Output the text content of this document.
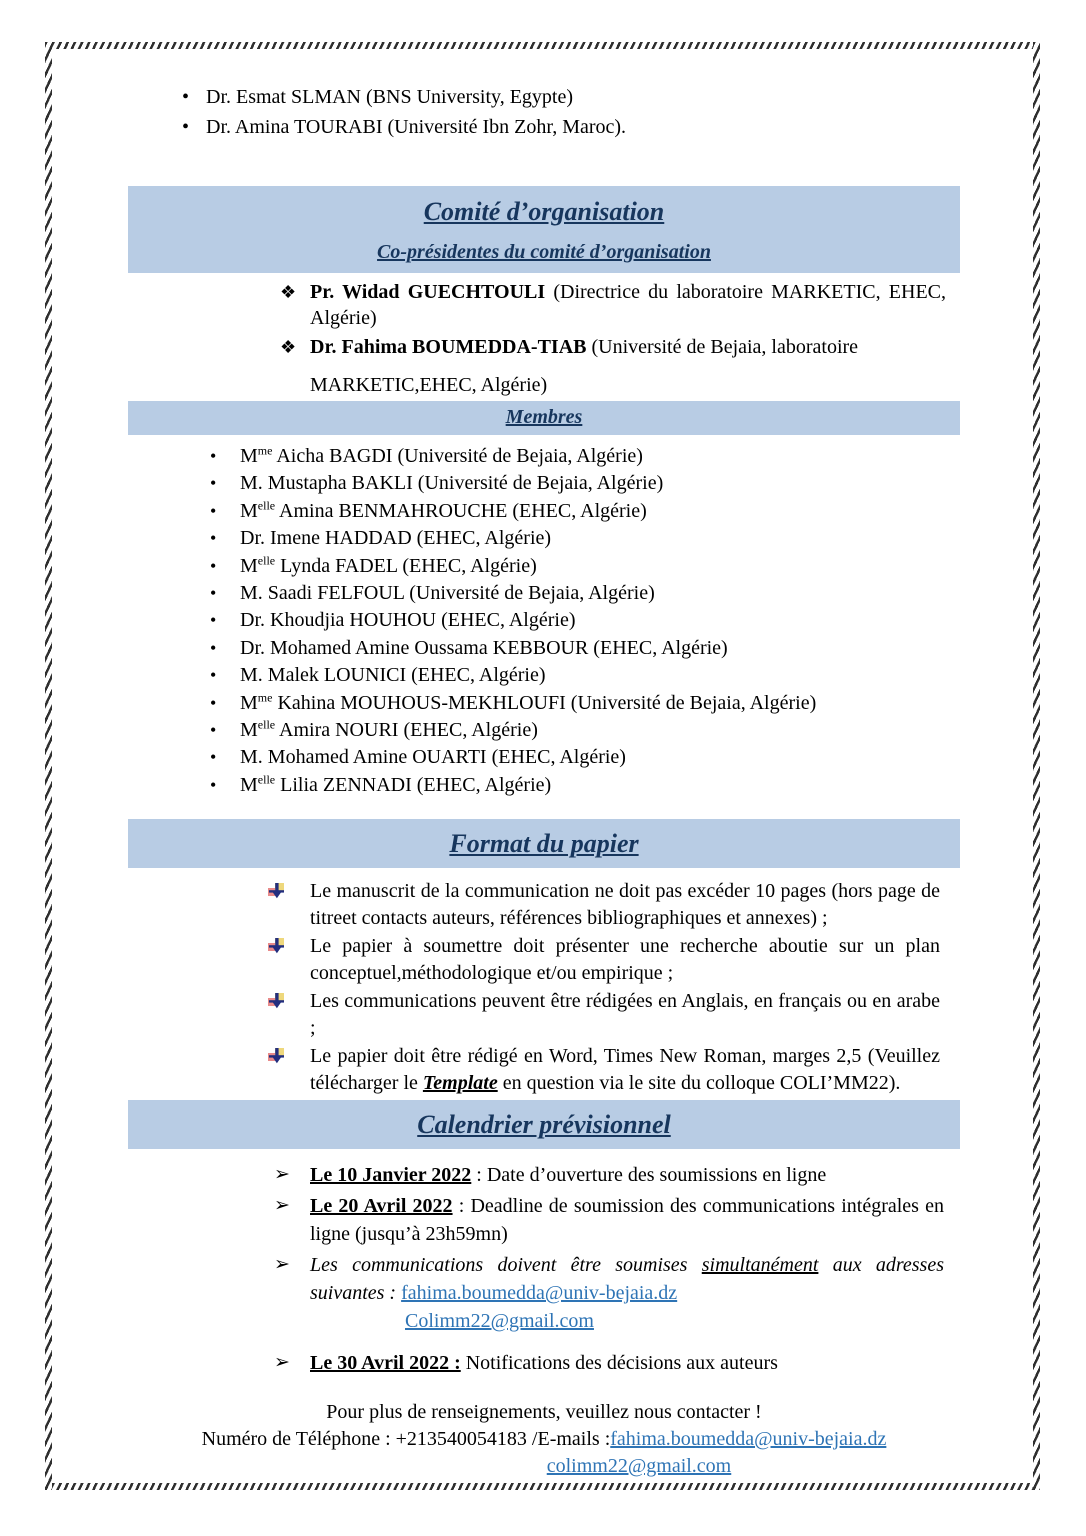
• Dr. Esmat SLMAN (BNS University, Egypte)
• Dr. Amina TOURABI (Université Ibn Zohr, Maroc).
Comité d’organisation
Co-présidentes du comité d’organisation
❖ Pr. Widad GUECHTOULI (Directrice du laboratoire MARKETIC, EHEC, Algérie)
❖ Dr. Fahima BOUMEDDA-TIAB (Université de Bejaia, laboratoire
MARKETIC,EHEC, Algérie)
Membres
• $M^{me}$ Aicha BAGDI (Université de Bejaia, Algérie)
• M. Mustapha BAKLI (Université de Bejaia, Algérie)
• $M^{elle}$ Amina BENMAHROUCHE (EHEC, Algérie)
• Dr. Imene HADDAD (EHEC, Algérie)
• $M^{elle}$ Lynda FADEL (EHEC, Algérie)
• M. Saadi FELFOUL (Université de Bejaia, Algérie)
• Dr. Khoudjia HOUHOU (EHEC, Algérie)
• Dr. Mohamed Amine Oussama KEBBOUR (EHEC, Algérie)
• M. Malek LOUNICI (EHEC, Algérie)
• $M^{me}$ Kahina MOUHOUS-MEKHLOUFI (Université de Bejaia, Algérie)
• $M^{elle}$ Amira NOURI (EHEC, Algérie)
• M. Mohamed Amine OUARTI (EHEC, Algérie)
• $M^{elle}$ Lilia ZENNADI (EHEC, Algérie)
Format du papier
Le manuscrit de la communication ne doit pas excéder 10 pages (hors page de titreet contacts auteurs, références bibliographiques et annexes) ;
Le papier à soumettre doit présenter une recherche aboutie sur un plan conceptuel,méthodologique et/ou empirique ;
Les communications peuvent être rédigées en Anglais, en français ou en arabe ;
Le papier doit être rédigé en Word, Times New Roman, marges 2,5 (Veuillez télécharger le Template en question via le site du colloque COLI’MM22).
Calendrier prévisionnel
➢ Le 10 Janvier 2022 : Date d’ouverture des soumissions en ligne
➢ Le 20 Avril 2022 : Deadline de soumission des communications intégrales en ligne (jusqu’à 23h59mn)
➢ Les communications doivent être soumises simultanément aux adresses suivantes : fahima.boumedda@univ-bejaia.dz
Colimm22@gmail.com
➢ Le 30 Avril 2022 : Notifications des décisions aux auteurs
Pour plus de renseignements, veuillez nous contacter !
Numéro de Téléphone : +213540054183 /E-mails :fahima.boumedda@univ-bejaia.dz
colimm22@gmail.com
